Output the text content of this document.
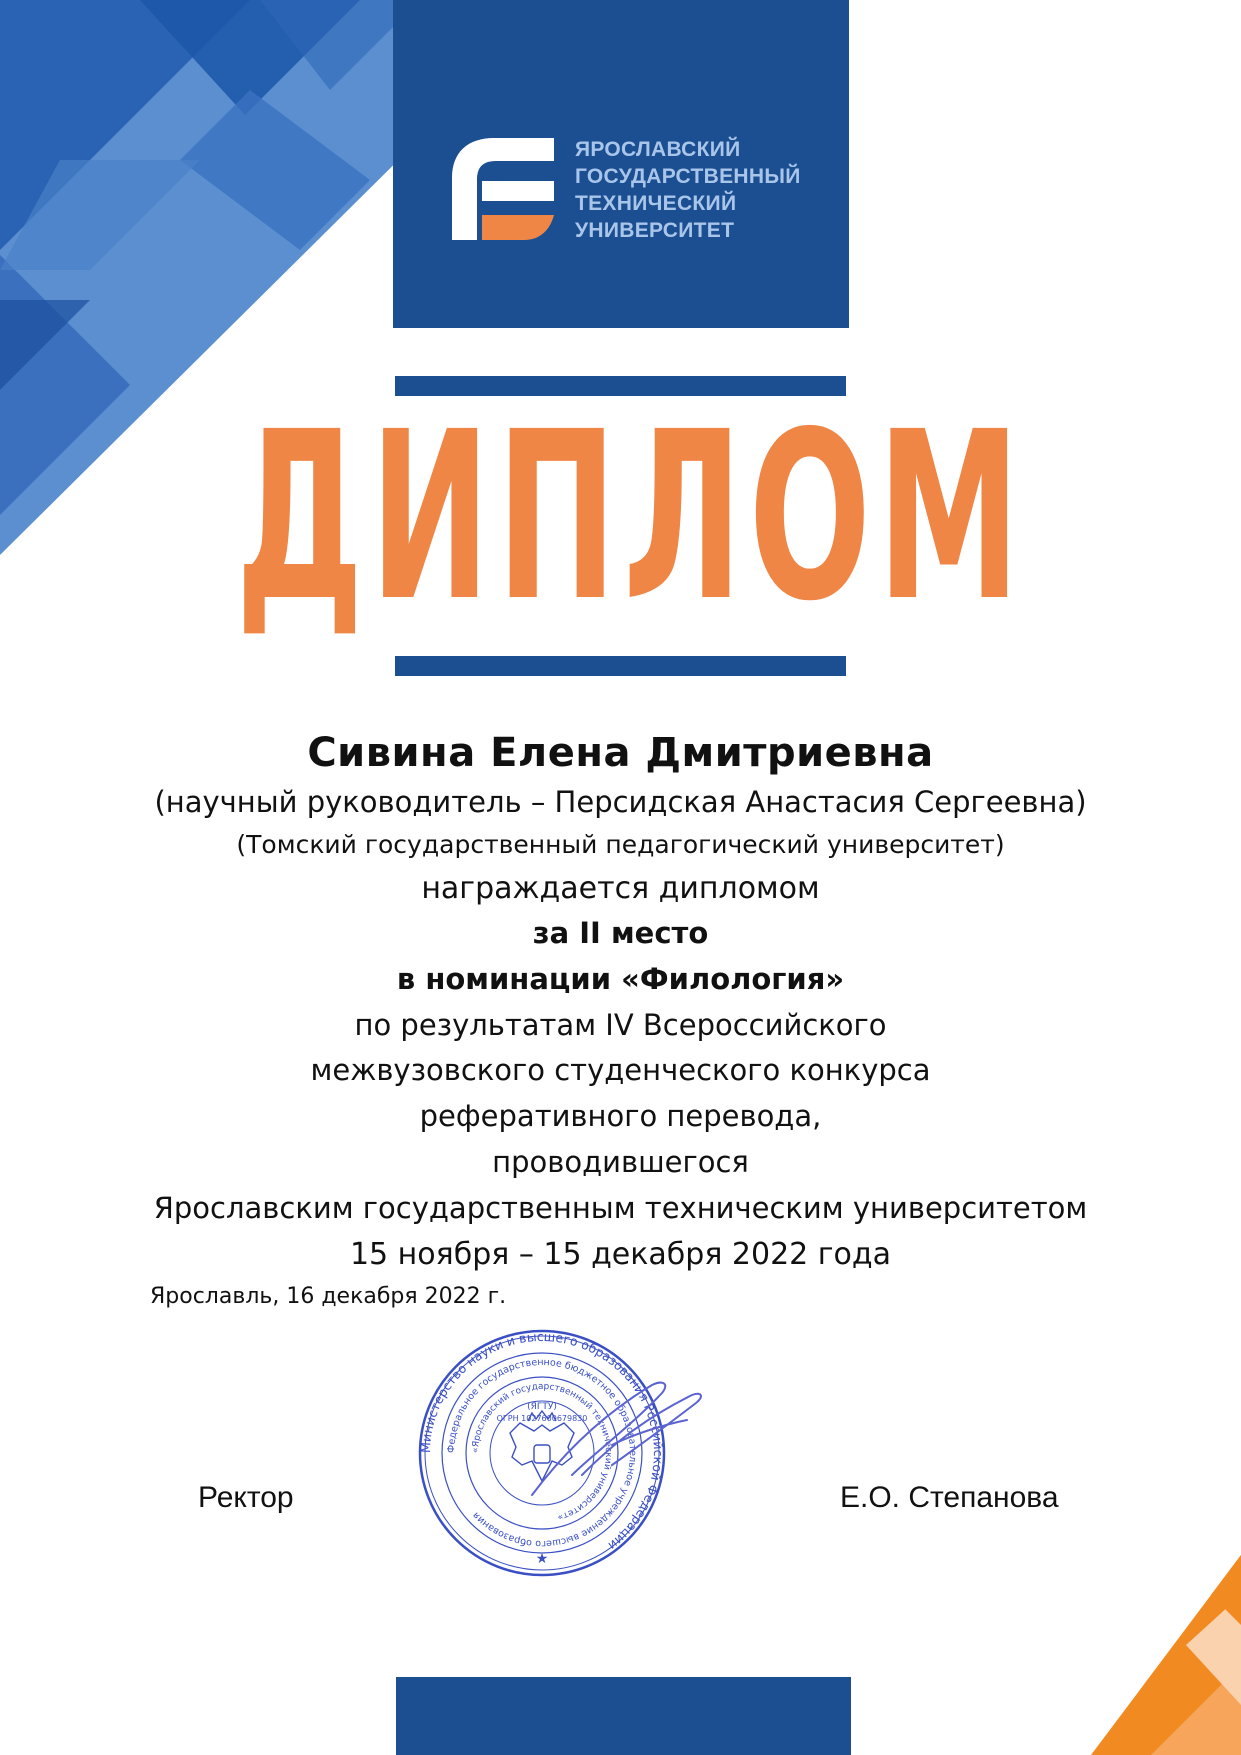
ЯРОСЛАВСКИЙ
ГОСУДАРСТВЕННЫЙ
ТЕХНИЧЕСКИЙ
УНИВЕРСИТЕТ
ДИПЛОМ
Сивина Елена Дмитриевна
(научный руководитель – Персидская Анастасия Сергеевна)
(Томский государственный педагогический университет)
награждается дипломом
за II место
в номинации «Филология»
по результатам IV Всероссийского
межвузовского студенческого конкурса
реферативного перевода,
проводившегося
Ярославским государственным техническим университетом
15 ноября – 15 декабря 2022 года
Ярославль, 16 декабря 2022 г.
Ректор	Е.О. Степанова
Министерство науки и высшего образования Российской Федерации
Федеральное государственное бюджетное образовательное учреждение высшего образования
«Ярославский государственный технический университет»
(ЯГТУ)
ОГРН 1027600679830
★
